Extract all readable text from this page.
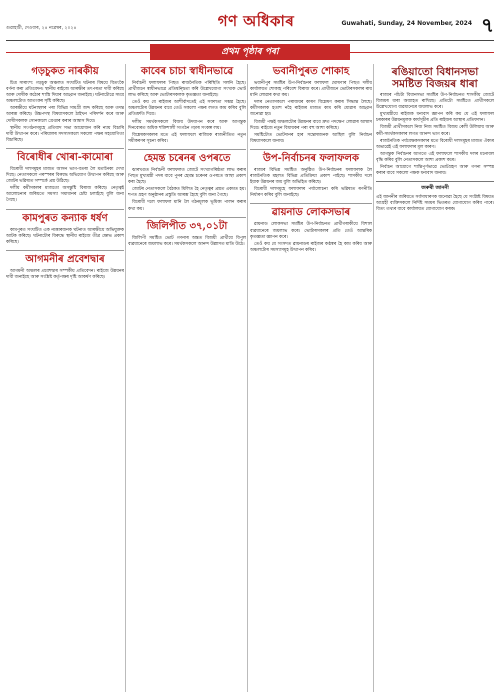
গুৱাহাটী, দেওবাৰ, ২৪ নৱেম্বৰ, ২০২৪	গণ অধিকাৰ	Guwahati, Sunday, 24 November, 2024 ৭
প্ৰথম পৃষ্ঠাৰ পৰা
গড়চুকত নাৰকীয়

চিত্ৰ সাৰাংশ: গড়চুক অঞ্চলত সংঘটিত ঘটনাৰ বিষয়ে বিতংকৈ বৰ্ণনা কৰা প্ৰতিবেদন। স্থানীয় ৰাইজে আৰক্ষীৰ তৎপৰতা দাবী কৰিছে আৰু দোষীক কঠোৰ শাস্তি দিয়াৰ আহ্বান জনাইছে। ঘটনাটোৱে সমগ্ৰ অঞ্চলটোত আতংকৰ সৃষ্টি কৰিছে।

আৰক্ষীয়ে ঘটনাস্থলৰ পৰা বিভিন্ন সামগ্ৰী জব্দ কৰিছে আৰু তদন্ত আৰম্ভ কৰিছে। উচ্চপদস্থ বিষয়াসকলে ঠাইখন পৰিদৰ্শন কৰে আৰু দোষীসকলক সোনকালে গ্ৰেপ্তাৰ কৰাৰ আশ্বাস দিয়ে।

স্থানীয় সংগঠনসমূহে প্ৰতিবাদ সভা আয়োজন কৰি ন্যায় বিচাৰি দাবী উত্থাপন কৰে। পৰিয়ালৰ সদস্যসকলে সকলো পক্ষৰ সহযোগিতা বিচাৰিছে।

বিৰোধীৰ খোৰা-কামোৰা

বিৰোধী দলসমূহৰ মাজত আসন ভাগ-বতৰা লৈ মতানৈক্য দেখা দিছে। নেতাসকলে পৰস্পৰৰ বিৰুদ্ধে অভিযোগ উত্থাপন কৰিছে আৰু জোটৰ ভৱিষ্যত সম্পৰ্কে প্ৰশ্ন উঠিছে।

দলীয় কৰ্মীসকলৰ মাজতো অসন্তুষ্টি বিৰাজ কৰিছে। নেতৃত্বই আলোচনাৰ জৰিয়তে সমস্যা সমাধানৰ চেষ্টা চলাইছে বুলি জনা গৈছে।

কামপুৰত কন্যাক ধৰ্ষণ

কামপুৰত সংঘটিত এক ন্যক্কাৰজনক ঘটনাত আৰক্ষীয়ে অভিযুক্তক আটক কৰিছে। ঘটনাটোৰ বিৰুদ্ধে স্থানীয় ৰাইজে তীব্ৰ ক্ষোভ প্ৰকাশ কৰিছে।

আগমনীৰ প্ৰবেশদ্বাৰ

আগমনী অঞ্চলৰ প্ৰবেশদ্বাৰ সম্পৰ্কীয় প্ৰতিবেদন। ৰাইজে উন্নয়নৰ দাবী জনাইছে আৰু সংশ্লিষ্ট কৰ্তৃপক্ষৰ দৃষ্টি আকৰ্ষণ কৰিছে।

কাবেৰ চাচা স্বাধীনভাৱে

নিৰ্বাচনী ফলাফলৰ পিছত ৰাজনৈতিক পৰিস্থিতি সলনি হৈছে। প্ৰাৰ্থীজনে স্বাধীনভাৱে প্ৰতিদ্বন্দ্বিতা কৰি উল্লেখযোগ্য সংখ্যক ভোট লাভ কৰিছে আৰু ভোটাৰসকলক কৃতজ্ঞতা জনাইছে।

তেওঁ কয় যে ৰাইজৰ আশীৰ্বাদতেই এই সফলতা সম্ভৱ হৈছে। অঞ্চলটোৰ উন্নয়নৰ বাবে তেওঁ সকলো পক্ষৰ লগত কাম কৰিব বুলি প্ৰতিশ্ৰুতি দিয়ে।

দলীয় সমৰ্থকসকলে বিজয় উদযাপন কৰে আৰু আগন্তুক দিনবোৰত অধিক শক্তিশালী সংগঠন গঢ়াৰ সংকল্প লয়।

বিশ্লেষকসকলৰ মতে এই ফলাফলে ৰাজ্যিক ৰাজনীতিত নতুন সমীকৰণৰ সূচনা কৰিব।

হেমন্ত চৰেনৰ ওপৰতে

ঝাৰখণ্ডত নিৰ্বাচনী ফলাফলত জোটে সংখ্যাগৰিষ্ঠতা লাভ কৰাৰ পিছত মুখ্যমন্ত্ৰী পদৰ বাবে পুনৰ হেমন্ত চৰেনৰ ওপৰতে আস্থা প্ৰকাশ কৰা হৈছে।

জোটৰ নেতাসকলে বৈঠকত মিলিত হৈ নেতৃত্বৰ প্ৰশ্নত একমত হয়। শপত গ্ৰহণ অনুষ্ঠানৰ প্ৰস্তুতি আৰম্ভ হৈছে বুলি জনা গৈছে।

বিৰোধী দলে ফলাফল মানি লৈ গঠনমূলক ভূমিকা পালন কৰাৰ কথা কয়।

জিলিপীত ৩৭,০১টা

জিলিপী সমষ্টিত ভোট গণনাৰ অন্তত বিজয়ী প্ৰাৰ্থীয়ে বিপুল ব্যৱধানেৰে জয়লাভ কৰে। সমৰ্থকসকলে আনন্দ উল্লাসত মাতি উঠে।

ভবানীপুৰত শোকাহ

ভবানীপুৰ সমষ্টিৰ উপ-নিৰ্বাচনৰ ফলাফল ঘোষণাৰ পিছত দলীয় কাৰ্যালয়ত শোকাহ পৰিবেশ বিৰাজ কৰে। প্ৰাৰ্থীজনে ভোটাৰসকলৰ ৰায় মানি লোৱাৰ কথা কয়।

দলৰ নেতাসকলে পৰাজয়ৰ কাৰণ বিশ্লেষণ কৰাৰ সিদ্ধান্ত লৈছে। কৰ্মীসকলক হতাশ নহৈ ৰাইজৰ মাজত কাম কৰি যোৱাৰ আহ্বান জনোৱা হয়।

বিজয়ী পক্ষই অঞ্চলটোৰ উন্নয়নৰ বাবে দ্ৰুত পদক্ষেপ লোৱাৰ আশ্বাস দিয়ে। ৰাইজে নতুন বিধায়কৰ পৰা বহু আশা কৰিছে।

সমষ্টিটোত ভোটদানৰ হাৰ সন্তোষজনক আছিল বুলি নিৰ্বাচন বিষয়াসকলে জনায়।

উপ-নিৰ্বাচনৰ ফলাফলক

ৰাজ্যৰ বিভিন্ন সমষ্টিত অনুষ্ঠিত উপ-নিৰ্বাচনৰ ফলাফলক লৈ ৰাজনৈতিক মহলত বিভিন্ন প্ৰতিক্ৰিয়া প্ৰকাশ পাইছে। শাসকীয় দলে ইয়াক উন্নয়নৰ জয় বুলি অভিহিত কৰিছে।

বিৰোধী দলসমূহে ফলাফলৰ পৰ্যালোচনা কৰি ভৱিষ্যত ৰণনীতি নিৰ্ধাৰণ কৰিব বুলি জনাইছে।

ৱায়নাড লোকসভাৰ

ৱায়নাড লোকসভা সমষ্টিৰ উপ-নিৰ্বাচনত প্ৰাৰ্থীগৰাকীয়ে বিশাল ব্যৱধানেৰে জয়লাভ কৰে। ভোটাৰসকলৰ প্ৰতি তেওঁ আন্তৰিক কৃতজ্ঞতা জ্ঞাপন কৰে।

তেওঁ কয় যে সংসদত ৱায়নাডৰ ৰাইজৰ কণ্ঠস্বৰ হৈ কাম কৰিব আৰু অঞ্চলটোৰ সমস্যাসমূহ উত্থাপন কৰিব।

ৰঙিয়াতো বিধানসভা সমষ্টিত বিজয়ৰ ধাৰা

ৰাজ্যৰ পাঁচটা বিধানসভা সমষ্টিৰ উপ-নিৰ্বাচনত শাসকীয় জোটে বিজয়ৰ ধাৰা অব্যাহত ৰাখিছে। প্ৰতিটো সমষ্টিতে প্ৰাৰ্থীসকলে উল্লেখযোগ্য ব্যৱধানেৰে জয়লাভ কৰে।

মুখ্যমন্ত্ৰীয়ে ৰাইজক ধন্যবাদ জ্ঞাপন কৰি কয় যে এই ফলাফল চৰকাৰৰ উন্নয়নমূলক কাৰ্যসূচীৰ প্ৰতি ৰাইজৰ আস্থাৰ প্ৰতিফলন।

বিজয়ী প্ৰাৰ্থীসকলে নিজ নিজ সমষ্টিত বিজয় ৰেলী উলিয়ায় আৰু কৰ্মী-সমৰ্থকসকলৰ লগত আনন্দ ভাগ কৰে।

ৰাজনৈতিক পৰ্যবেক্ষকসকলৰ মতে বিৰোধী দলসমূহৰ মাজত ঐক্যৰ অভাৱেই এই ফলাফলৰ মূল কাৰণ।

আগন্তুক নিৰ্বাচনৰ আগতে এই ফলাফলে শাসকীয় দলৰ মনোবল বৃদ্ধি কৰিব বুলি নেতাসকলে আশা প্ৰকাশ কৰে।

নিৰ্বাচন আয়োগে শান্তিপূৰ্ণভাৱে ভোটগ্ৰহণ আৰু গণনা সম্পন্ন কৰাৰ বাবে সকলো পক্ষক ধন্যবাদ জনায়।

জৰুৰী জাননী
এই জাননীৰ জৰিয়তে সৰ্বসাধাৰণক জনোৱা হৈছে যে সংশ্লিষ্ট বিষয়ত আগ্ৰহী ব্যক্তিসকলে নিৰ্দিষ্ট সময়ৰ ভিতৰত যোগাযোগ কৰিব পাৰে। বিতং তথ্যৰ বাবে কাৰ্যালয়ত যোগাযোগ কৰক।
